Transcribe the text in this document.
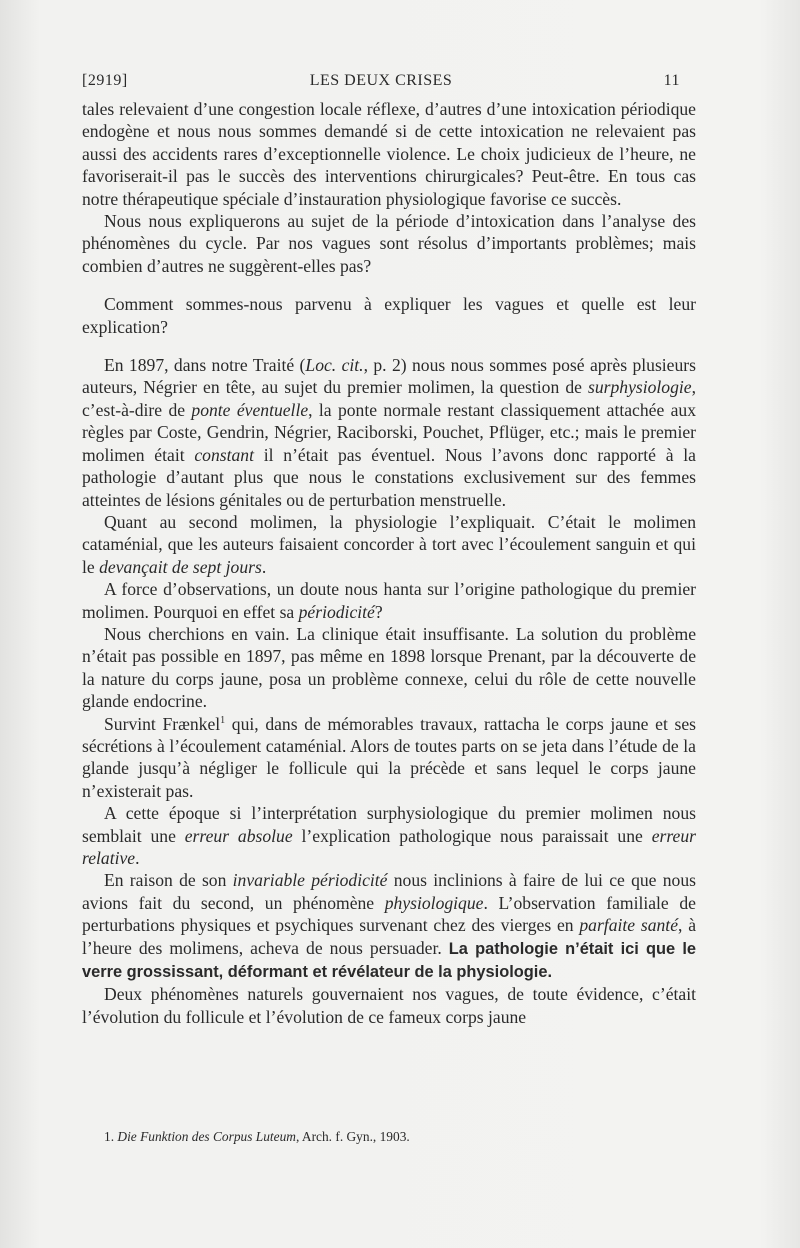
[2919]	LES DEUX CRISES	11

tales relevaient d’une congestion locale réflexe, d’autres d’une intoxication périodique endogène et nous nous sommes demandé si de cette intoxication ne relevaient pas aussi des accidents rares d’exceptionnelle violence. Le choix judicieux de l’heure, ne favoriserait-il pas le succès des interventions chirurgicales? Peut-être. En tous cas notre thérapeutique spéciale d’instauration physiologique favorise ce succès.

Nous nous expliquerons au sujet de la période d’intoxication dans l’analyse des phénomènes du cycle. Par nos vagues sont résolus d’importants problèmes; mais combien d’autres ne suggèrent-elles pas?

Comment sommes-nous parvenu à expliquer les vagues et quelle est leur explication?

En 1897, dans notre Traité (Loc. cit., p. 2) nous nous sommes posé après plusieurs auteurs, Négrier en tête, au sujet du premier molimen, la question de surphysiologie, c’est-à-dire de ponte éventuelle, la ponte normale restant classiquement attachée aux règles par Coste, Gendrin, Négrier, Raciborski, Pouchet, Pflüger, etc.; mais le premier molimen était constant il n’était pas éventuel. Nous l’avons donc rapporté à la pathologie d’autant plus que nous le constations exclusivement sur des femmes atteintes de lésions génitales ou de perturbation menstruelle.

Quant au second molimen, la physiologie l’expliquait. C’était le molimen cataménial, que les auteurs faisaient concorder à tort avec l’écoulement sanguin et qui le devançait de sept jours.

A force d’observations, un doute nous hanta sur l’origine pathologique du premier molimen. Pourquoi en effet sa périodicité?

Nous cherchions en vain. La clinique était insuffisante. La solution du problème n’était pas possible en 1897, pas même en 1898 lorsque Prenant, par la découverte de la nature du corps jaune, posa un problème connexe, celui du rôle de cette nouvelle glande endocrine.

Survint Frænkel$^1$ qui, dans de mémorables travaux, rattacha le corps jaune et ses sécrétions à l’écoulement cataménial. Alors de toutes parts on se jeta dans l’étude de la glande jusqu’à négliger le follicule qui la précède et sans lequel le corps jaune n’existerait pas.

A cette époque si l’interprétation surphysiologique du premier molimen nous semblait une erreur absolue l’explication pathologique nous paraissait une erreur relative.

En raison de son invariable périodicité nous inclinions à faire de lui ce que nous avions fait du second, un phénomène physiologique. L’observation familiale de perturbations physiques et psychiques survenant chez des vierges en parfaite santé, à l’heure des molimens, acheva de nous persuader. La pathologie n’était ici que le verre grossissant, déformant et révélateur de la physiologie.

Deux phénomènes naturels gouvernaient nos vagues, de toute évidence, c’était l’évolution du follicule et l’évolution de ce fameux corps jaune

1. Die Funktion des Corpus Luteum, Arch. f. Gyn., 1903.
